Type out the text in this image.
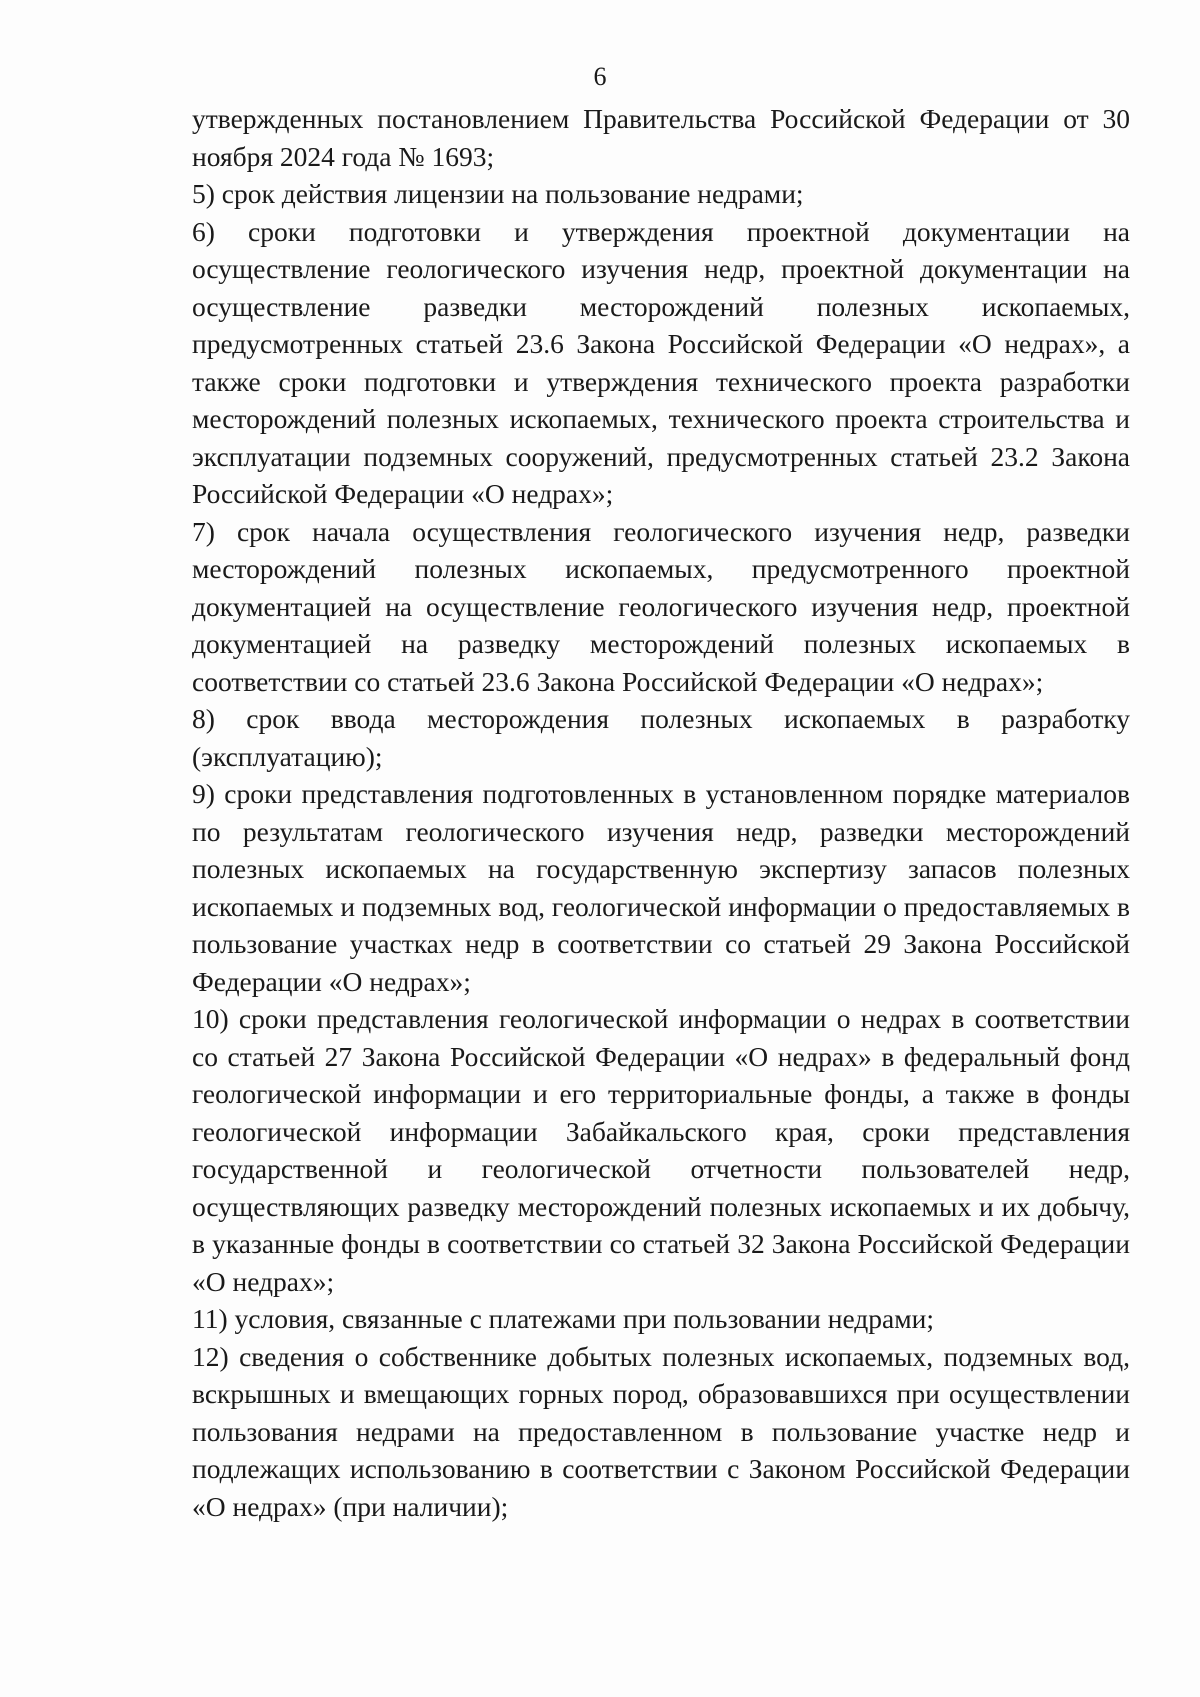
6

утвержденных постановлением Правительства Российской Федерации от 30 ноября 2024 года № 1693;

5) срок действия лицензии на пользование недрами;

6) сроки подготовки и утверждения проектной документации на осуществление геологического изучения недр, проектной документации на осуществление разведки месторождений полезных ископаемых, предусмотренных статьей 23.6 Закона Российской Федерации «О недрах», а также сроки подготовки и утверждения технического проекта разработки месторождений полезных ископаемых, технического проекта строительства и эксплуатации подземных сооружений, предусмотренных статьей 23.2 Закона Российской Федерации «О недрах»;

7) срок начала осуществления геологического изучения недр, разведки месторождений полезных ископаемых, предусмотренного проектной документацией на осуществление геологического изучения недр, проектной документацией на разведку месторождений полезных ископаемых в соответствии со статьей 23.6 Закона Российской Федерации «О недрах»;

8) срок ввода месторождения полезных ископаемых в разработку (эксплуатацию);

9) сроки представления подготовленных в установленном порядке материалов по результатам геологического изучения недр, разведки месторождений полезных ископаемых на государственную экспертизу запасов полезных ископаемых и подземных вод, геологической информации о предоставляемых в пользование участках недр в соответствии со статьей 29 Закона Российской Федерации «О недрах»;

10) сроки представления геологической информации о недрах в соответствии со статьей 27 Закона Российской Федерации «О недрах» в федеральный фонд геологической информации и его территориальные фонды, а также в фонды геологической информации Забайкальского края, сроки представления государственной и геологической отчетности пользователей недр, осуществляющих разведку месторождений полезных ископаемых и их добычу, в указанные фонды в соответствии со статьей 32 Закона Российской Федерации «О недрах»;

11) условия, связанные с платежами при пользовании недрами;

12) сведения о собственнике добытых полезных ископаемых, подземных вод, вскрышных и вмещающих горных пород, образовавшихся при осуществлении пользования недрами на предоставленном в пользование участке недр и подлежащих использованию в соответствии с Законом Российской Федерации «О недрах» (при наличии);
